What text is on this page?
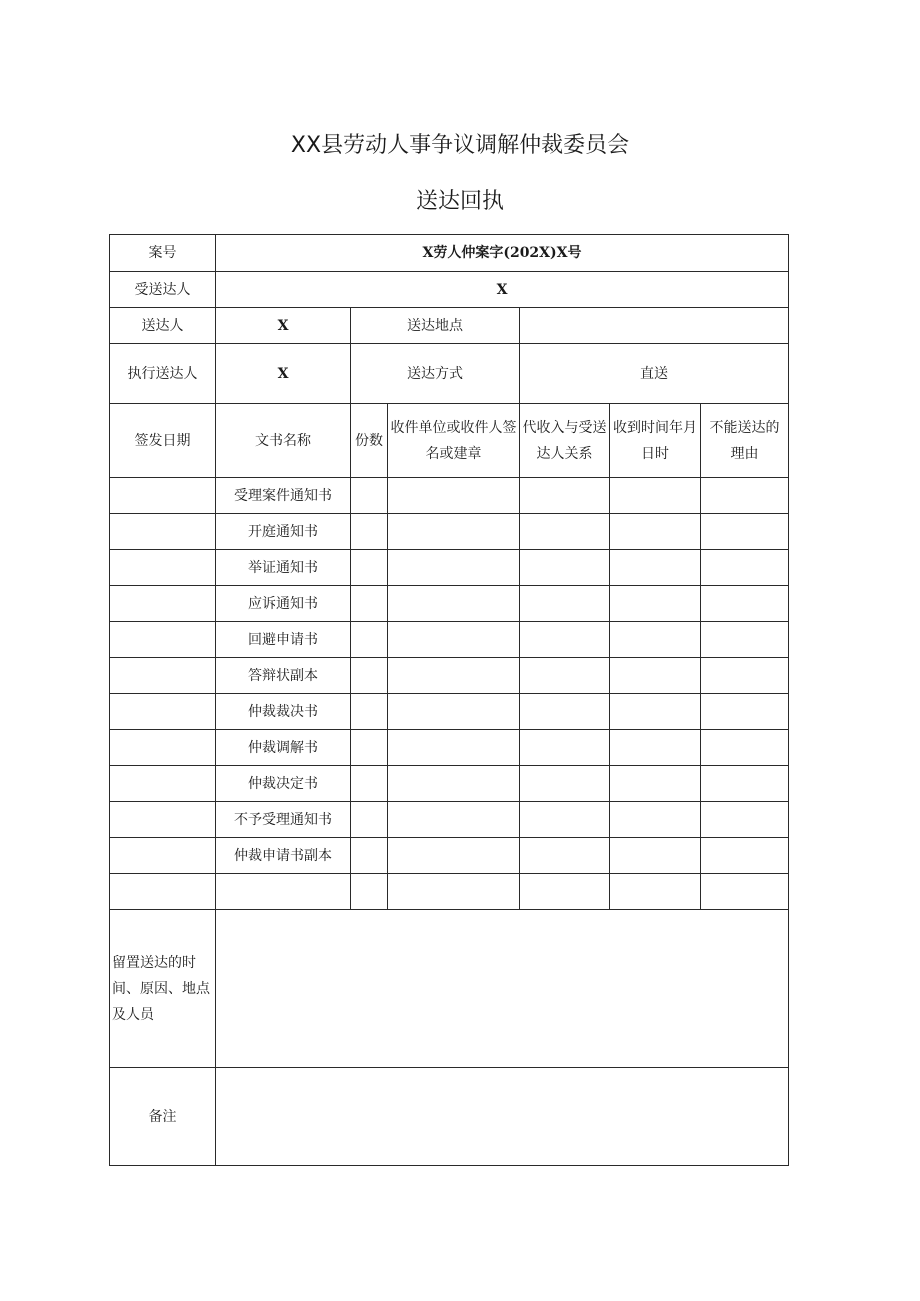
XX县劳动人事争议调解仲裁委员会
送达回执
案号	X劳人仲案字(202X)X号					
受送达人	X					
送达人	X	送达地点				
执行送达人	X	送达方式		直送		
签发日期	文书名称	份数	收件单位或收件人签名或建章	代收入与受送达人关系	收到时间年月日时	不能送达的理由
	受理案件通知书					
	开庭通知书					
	举证通知书					
	应诉通知书					
	回避申请书					
	答辩状副本					
	仲裁裁决书					
	仲裁调解书					
	仲裁决定书					
	不予受理通知书					
	仲裁申请书副本					

留置送达的时间、原因、地点及人员						
备注						
